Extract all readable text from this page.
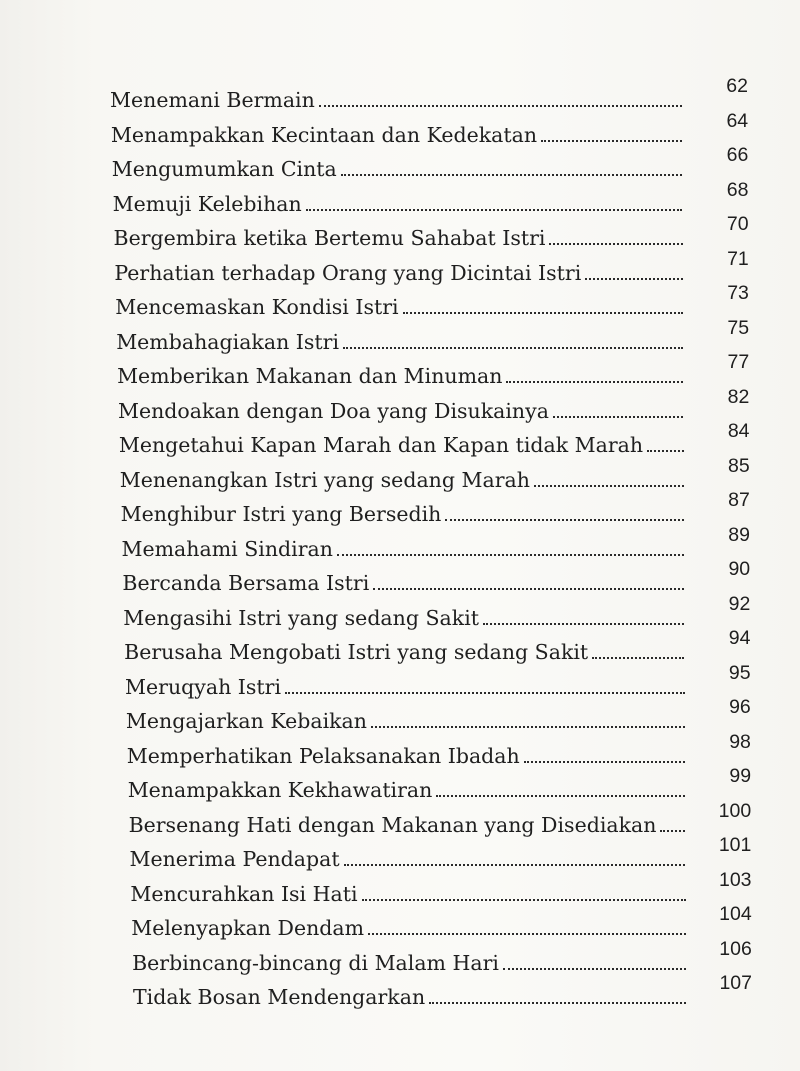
Menemani Bermain
62
Menampakkan Kecintaan dan Kedekatan
64
Mengumumkan Cinta
66
Memuji Kelebihan
68
Bergembira ketika Bertemu Sahabat Istri
70
Perhatian terhadap Orang yang Dicintai Istri
71
Mencemaskan Kondisi Istri
73
Membahagiakan Istri
75
Memberikan Makanan dan Minuman
77
Mendoakan dengan Doa yang Disukainya
82
Mengetahui Kapan Marah dan Kapan tidak Marah
84
Menenangkan Istri yang sedang Marah
85
Menghibur Istri yang Bersedih
87
Memahami Sindiran
89
Bercanda Bersama Istri
90
Mengasihi Istri yang sedang Sakit
92
Berusaha Mengobati Istri yang sedang Sakit
94
Meruqyah Istri
95
Mengajarkan Kebaikan
96
Memperhatikan Pelaksanakan Ibadah
98
Menampakkan Kekhawatiran
99
Bersenang Hati dengan Makanan yang Disediakan
100
Menerima Pendapat
101
Mencurahkan Isi Hati
103
Melenyapkan Dendam
104
Berbincang-bincang di Malam Hari
106
Tidak Bosan Mendengarkan
107
